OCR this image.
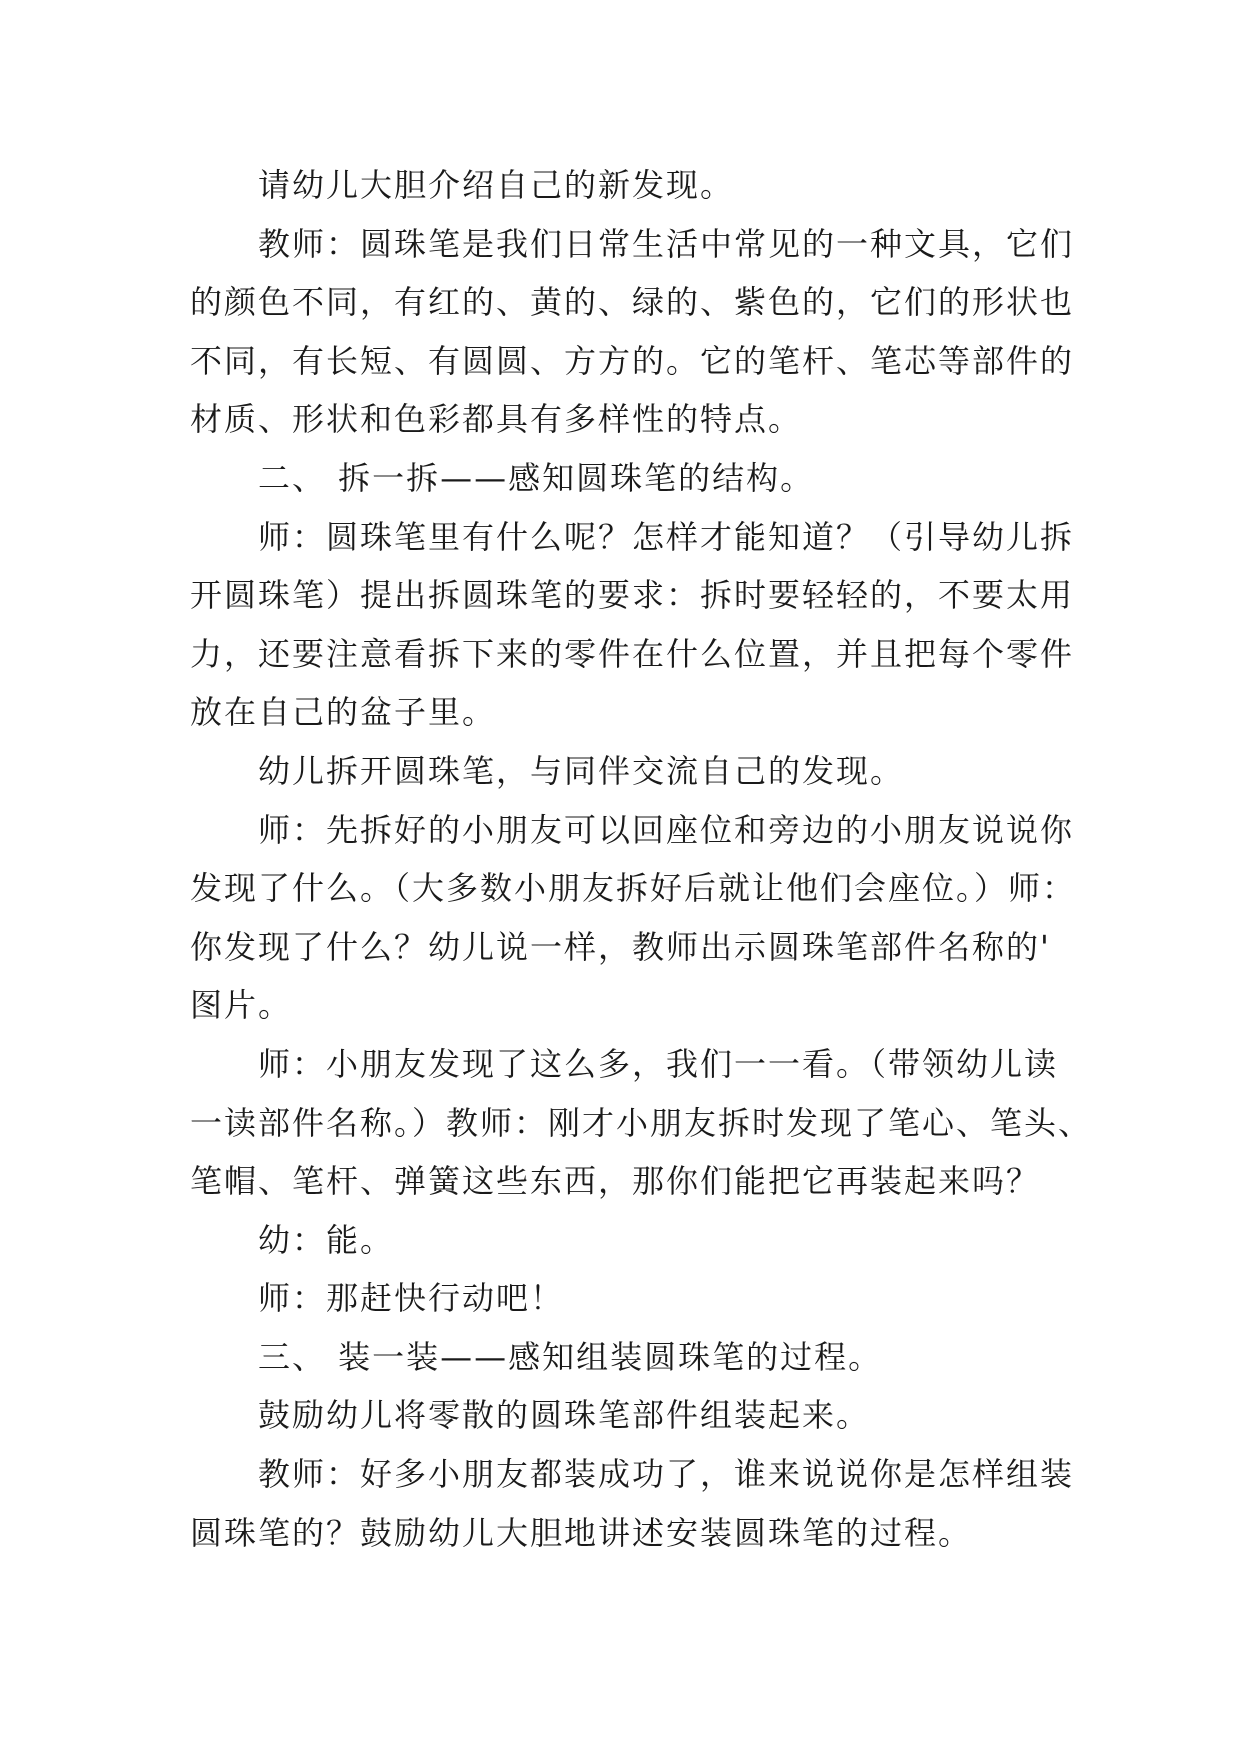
请幼儿大胆介绍自己的新发现。
教师：圆珠笔是我们日常生活中常见的一种文具，它们
的颜色不同，有红的、黄的、绿的、紫色的，它们的形状也
不同，有长短、有圆圆、方方的。它的笔杆、笔芯等部件的
材质、形状和色彩都具有多样性的特点。
二、 拆一拆——感知圆珠笔的结构。
师：圆珠笔里有什么呢？怎样才能知道？（引导幼儿拆
开圆珠笔）提出拆圆珠笔的要求：拆时要轻轻的，不要太用
力，还要注意看拆下来的零件在什么位置，并且把每个零件
放在自己的盆子里。
幼儿拆开圆珠笔，与同伴交流自己的发现。
师：先拆好的小朋友可以回座位和旁边的小朋友说说你
发现了什么。（大多数小朋友拆好后就让他们会座位。）师：
你发现了什么？幼儿说一样，教师出示圆珠笔部件名称的'
图片。
师：小朋友发现了这么多，我们一一看。（带领幼儿读
一读部件名称。）教师：刚才小朋友拆时发现了笔心、笔头、
笔帽、笔杆、弹簧这些东西，那你们能把它再装起来吗？
幼：能。
师：那赶快行动吧！
三、 装一装——感知组装圆珠笔的过程。
鼓励幼儿将零散的圆珠笔部件组装起来。
教师：好多小朋友都装成功了，谁来说说你是怎样组装
圆珠笔的？鼓励幼儿大胆地讲述安装圆珠笔的过程。
